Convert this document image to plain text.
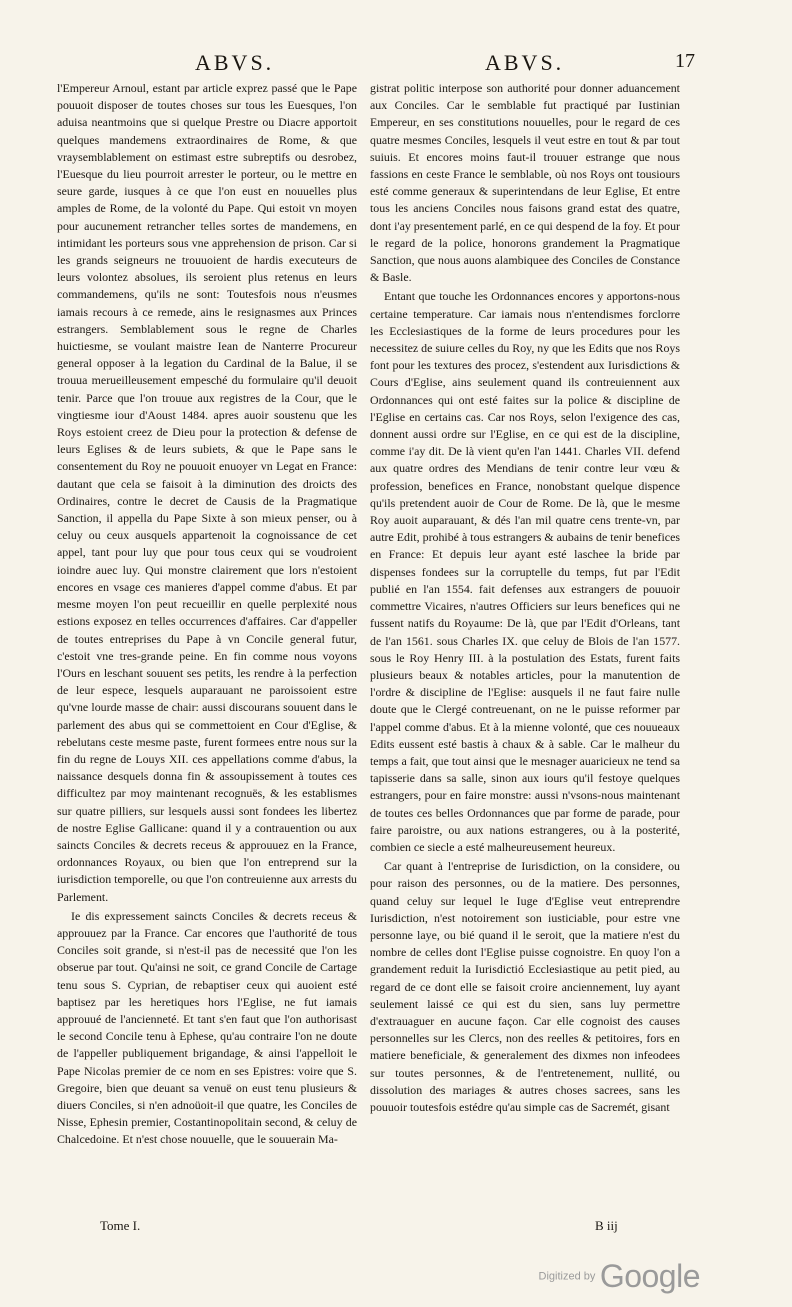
ABVS.	ABVS.	17

l'Empereur Arnoul, estant par article exprez passé que le Pape pouuoit disposer de toutes choses sur tous les Euesques, l'on aduisa neantmoins que si quelque Prestre ou Diacre apportoit quelques mandemens extraordinaires de Rome, & que vraysemblablement on estimast estre subreptifs ou desrobez, l'Euesque du lieu pourroit arrester le porteur, ou le mettre en seure garde, iusques à ce que l'on eust en nouuelles plus amples de Rome, de la volonté du Pape. Qui estoit vn moyen pour aucunement retrancher telles sortes de mandemens, en intimidant les porteurs sous vne apprehension de prison. Car si les grands seigneurs ne trouuoient de hardis executeurs de leurs volontez absolues, ils seroient plus retenus en leurs commandemens, qu'ils ne sont: Toutesfois nous n'eusmes iamais recours à ce remede, ains le resignasmes aux Princes estrangers. Semblablement sous le regne de Charles huictiesme, se voulant maistre Iean de Nanterre Procureur general opposer à la legation du Cardinal de la Balue, il se trouua merueilleusement empesché du formulaire qu'il deuoit tenir. Parce que l'on trouue aux registres de la Cour, que le vingtiesme iour d'Aoust 1484. apres auoir soustenu que les Roys estoient creez de Dieu pour la protection & defense de leurs Eglises & de leurs subiets, & que le Pape sans le consentement du Roy ne pouuoit enuoyer vn Legat en France: dautant que cela se faisoit à la diminution des droicts des Ordinaires, contre le decret de Causis de la Pragmatique Sanction, il appella du Pape Sixte à son mieux penser, ou à celuy ou ceux ausquels appartenoit la cognoissance de cet appel, tant pour luy que pour tous ceux qui se voudroient ioindre auec luy. Qui monstre clairement que lors n'estoient encores en vsage ces manieres d'appel comme d'abus. Et par mesme moyen l'on peut recueillir en quelle perplexité nous estions exposez en telles occurrences d'affaires. Car d'appeller de toutes entreprises du Pape à vn Concile general futur, c'estoit vne tres-grande peine. En fin comme nous voyons l'Ours en leschant souuent ses petits, les rendre à la perfection de leur espece, lesquels auparauant ne paroissoient estre qu'vne lourde masse de chair: aussi discourans souuent dans le parlement des abus qui se commettoient en Cour d'Eglise, & rebelutans ceste mesme paste, furent formees entre nous sur la fin du regne de Louys XII. ces appellations comme d'abus, la naissance desquels donna fin & assoupissement à toutes ces difficultez par moy maintenant recognuës, & les establismes sur quatre pilliers, sur lesquels aussi sont fondees les libertez de nostre Eglise Gallicane: quand il y a contrauention ou aux saincts Conciles & decrets receus & approuuez en la France, ordonnances Royaux, ou bien que l'on entreprend sur la iurisdiction temporelle, ou que l'on contreuienne aux arrests du Parlement.

Ie dis expressement saincts Conciles & decrets receus & approuuez par la France. Car encores que l'authorité de tous Conciles soit grande, si n'est-il pas de necessité que l'on les obserue par tout. Qu'ainsi ne soit, ce grand Concile de Cartage tenu sous S. Cyprian, de rebaptiser ceux qui auoient esté baptisez par les heretiques hors l'Eglise, ne fut iamais approuué de l'ancienneté. Et tant s'en faut que l'on authorisast le second Concile tenu à Ephese, qu'au contraire l'on ne doute de l'appeller publiquement brigandage, & ainsi l'appelloit le Pape Nicolas premier de ce nom en ses Epistres: voire que S. Gregoire, bien que deuant sa venuë on eust tenu plusieurs & diuers Conciles, si n'en adnoüoit-il que quatre, les Conciles de Nisse, Ephesin premier, Costantinopolitain second, & celuy de Chalcedoine. Et n'est chose nouuelle, que le souuerain Ma-

gistrat politic interpose son authorité pour donner aduancement aux Conciles. Car le semblable fut practiqué par Iustinian Empereur, en ses constitutions nouuelles, pour le regard de ces quatre mesmes Conciles, lesquels il veut estre en tout & par tout suiuis. Et encores moins faut-il trouuer estrange que nous fassions en ceste France le semblable, où nos Roys ont tousiours esté comme generaux & superintendans de leur Eglise, Et entre tous les anciens Conciles nous faisons grand estat des quatre, dont i'ay presentement parlé, en ce qui despend de la foy. Et pour le regard de la police, honorons grandement la Pragmatique Sanction, que nous auons alambiquee des Conciles de Constance & Basle.

Entant que touche les Ordonnances encores y apportons-nous certaine temperature. Car iamais nous n'entendismes forclorre les Ecclesiastiques de la forme de leurs procedures pour les necessitez de suiure celles du Roy, ny que les Edits que nos Roys font pour les textures des procez, s'estendent aux Iurisdictions & Cours d'Eglise, ains seulement quand ils contreuiennent aux Ordonnances qui ont esté faites sur la police & discipline de l'Eglise en certains cas. Car nos Roys, selon l'exigence des cas, donnent aussi ordre sur l'Eglise, en ce qui est de la discipline, comme i'ay dit. De là vient qu'en l'an 1441. Charles VII. defend aux quatre ordres des Mendians de tenir contre leur vœu & profession, benefices en France, nonobstant quelque dispence qu'ils pretendent auoir de Cour de Rome. De là, que le mesme Roy auoit auparauant, & dés l'an mil quatre cens trente-vn, par autre Edit, prohibé à tous estrangers & aubains de tenir benefices en France: Et depuis leur ayant esté laschee la bride par dispenses fondees sur la corruptelle du temps, fut par l'Edit publié en l'an 1554. fait defenses aux estrangers de pouuoir commettre Vicaires, n'autres Officiers sur leurs benefices qui ne fussent natifs du Royaume: De là, que par l'Edit d'Orleans, tant de l'an 1561. sous Charles IX. que celuy de Blois de l'an 1577. sous le Roy Henry III. à la postulation des Estats, furent faits plusieurs beaux & notables articles, pour la manutention de l'ordre & discipline de l'Eglise: ausquels il ne faut faire nulle doute que le Clergé contreuenant, on ne le puisse reformer par l'appel comme d'abus. Et à la mienne volonté, que ces nouueaux Edits eussent esté bastis à chaux & à sable. Car le malheur du temps a fait, que tout ainsi que le mesnager auaricieux ne tend sa tapisserie dans sa salle, sinon aux iours qu'il festoye quelques estrangers, pour en faire monstre: aussi n'vsons-nous maintenant de toutes ces belles Ordonnances que par forme de parade, pour faire paroistre, ou aux nations estrangeres, ou à la posterité, combien ce siecle a esté malheureusement heureux.

Car quant à l'entreprise de Iurisdiction, on la considere, ou pour raison des personnes, ou de la matiere. Des personnes, quand celuy sur lequel le Iuge d'Eglise veut entreprendre Iurisdiction, n'est notoirement son iusticiable, pour estre vne personne laye, ou bié quand il le seroit, que la matiere n'est du nombre de celles dont l'Eglise puisse cognoistre. En quoy l'on a grandement reduit la Iurisdictió Ecclesiastique au petit pied, au regard de ce dont elle se faisoit croire anciennement, luy ayant seulement laissé ce qui est du sien, sans luy permettre d'extrauaguer en aucune façon. Car elle cognoist des causes personnelles sur les Clercs, non des reelles & petitoires, fors en matiere beneficiale, & generalement des dixmes non infeodees sur toutes personnes, & de l'entretenement, nullité, ou dissolution des mariages & autres choses sacrees, sans les pouuoir toutesfois estédre qu'au simple cas de Sacremét, gisant

Tome I.	B iij
Digitized by Google
